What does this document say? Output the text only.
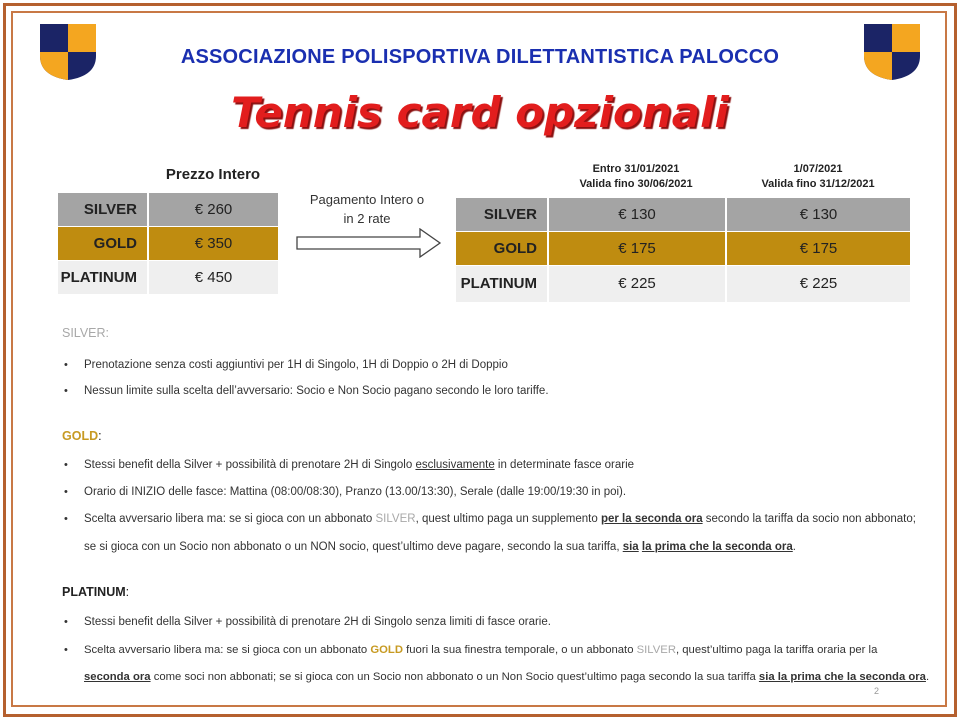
ASSOCIAZIONE POLISPORTIVA DILETTANTISTICA PALOCCO
Tennis card opzionali
Prezzo Intero
SILVER	€ 260
GOLD	€ 350
PLATINUM	€ 450
Pagamento Intero o
in 2 rate
Entro 31/01/2021
Valida fino 30/06/2021
1/07/2021
Valida fino 31/12/2021
SILVER	€ 130	€ 130
GOLD	€ 175	€ 175
PLATINUM	€ 225	€ 225
SILVER:
• Prenotazione senza costi aggiuntivi per 1H di Singolo, 1H di Doppio o 2H di Doppio
• Nessun limite sulla scelta dell’avversario: Socio e Non Socio pagano secondo le loro tariffe.
GOLD:
• Stessi benefit della Silver + possibilità di prenotare 2H di Singolo esclusivamente in determinate fasce orarie
• Orario di INIZIO delle fasce: Mattina (08:00/08:30), Pranzo (13.00/13:30), Serale (dalle 19:00/19:30 in poi).
• Scelta avversario libera ma: se si gioca con un abbonato SILVER, quest ultimo paga un supplemento per la seconda ora secondo la tariffa da socio non abbonato;
se si gioca con un Socio non abbonato o un NON socio, quest’ultimo deve pagare, secondo la sua tariffa, sia la prima che la seconda ora.
PLATINUM:
• Stessi benefit della Silver + possibilità di prenotare 2H di Singolo senza limiti di fasce orarie.
• Scelta avversario libera ma: se si gioca con un abbonato GOLD fuori la sua finestra temporale, o un abbonato SILVER, quest’ultimo paga la tariffa oraria per la
seconda ora come soci non abbonati; se si gioca con un Socio non abbonato o un Non Socio quest’ultimo paga secondo la sua tariffa sia la prima che la seconda ora.
2
